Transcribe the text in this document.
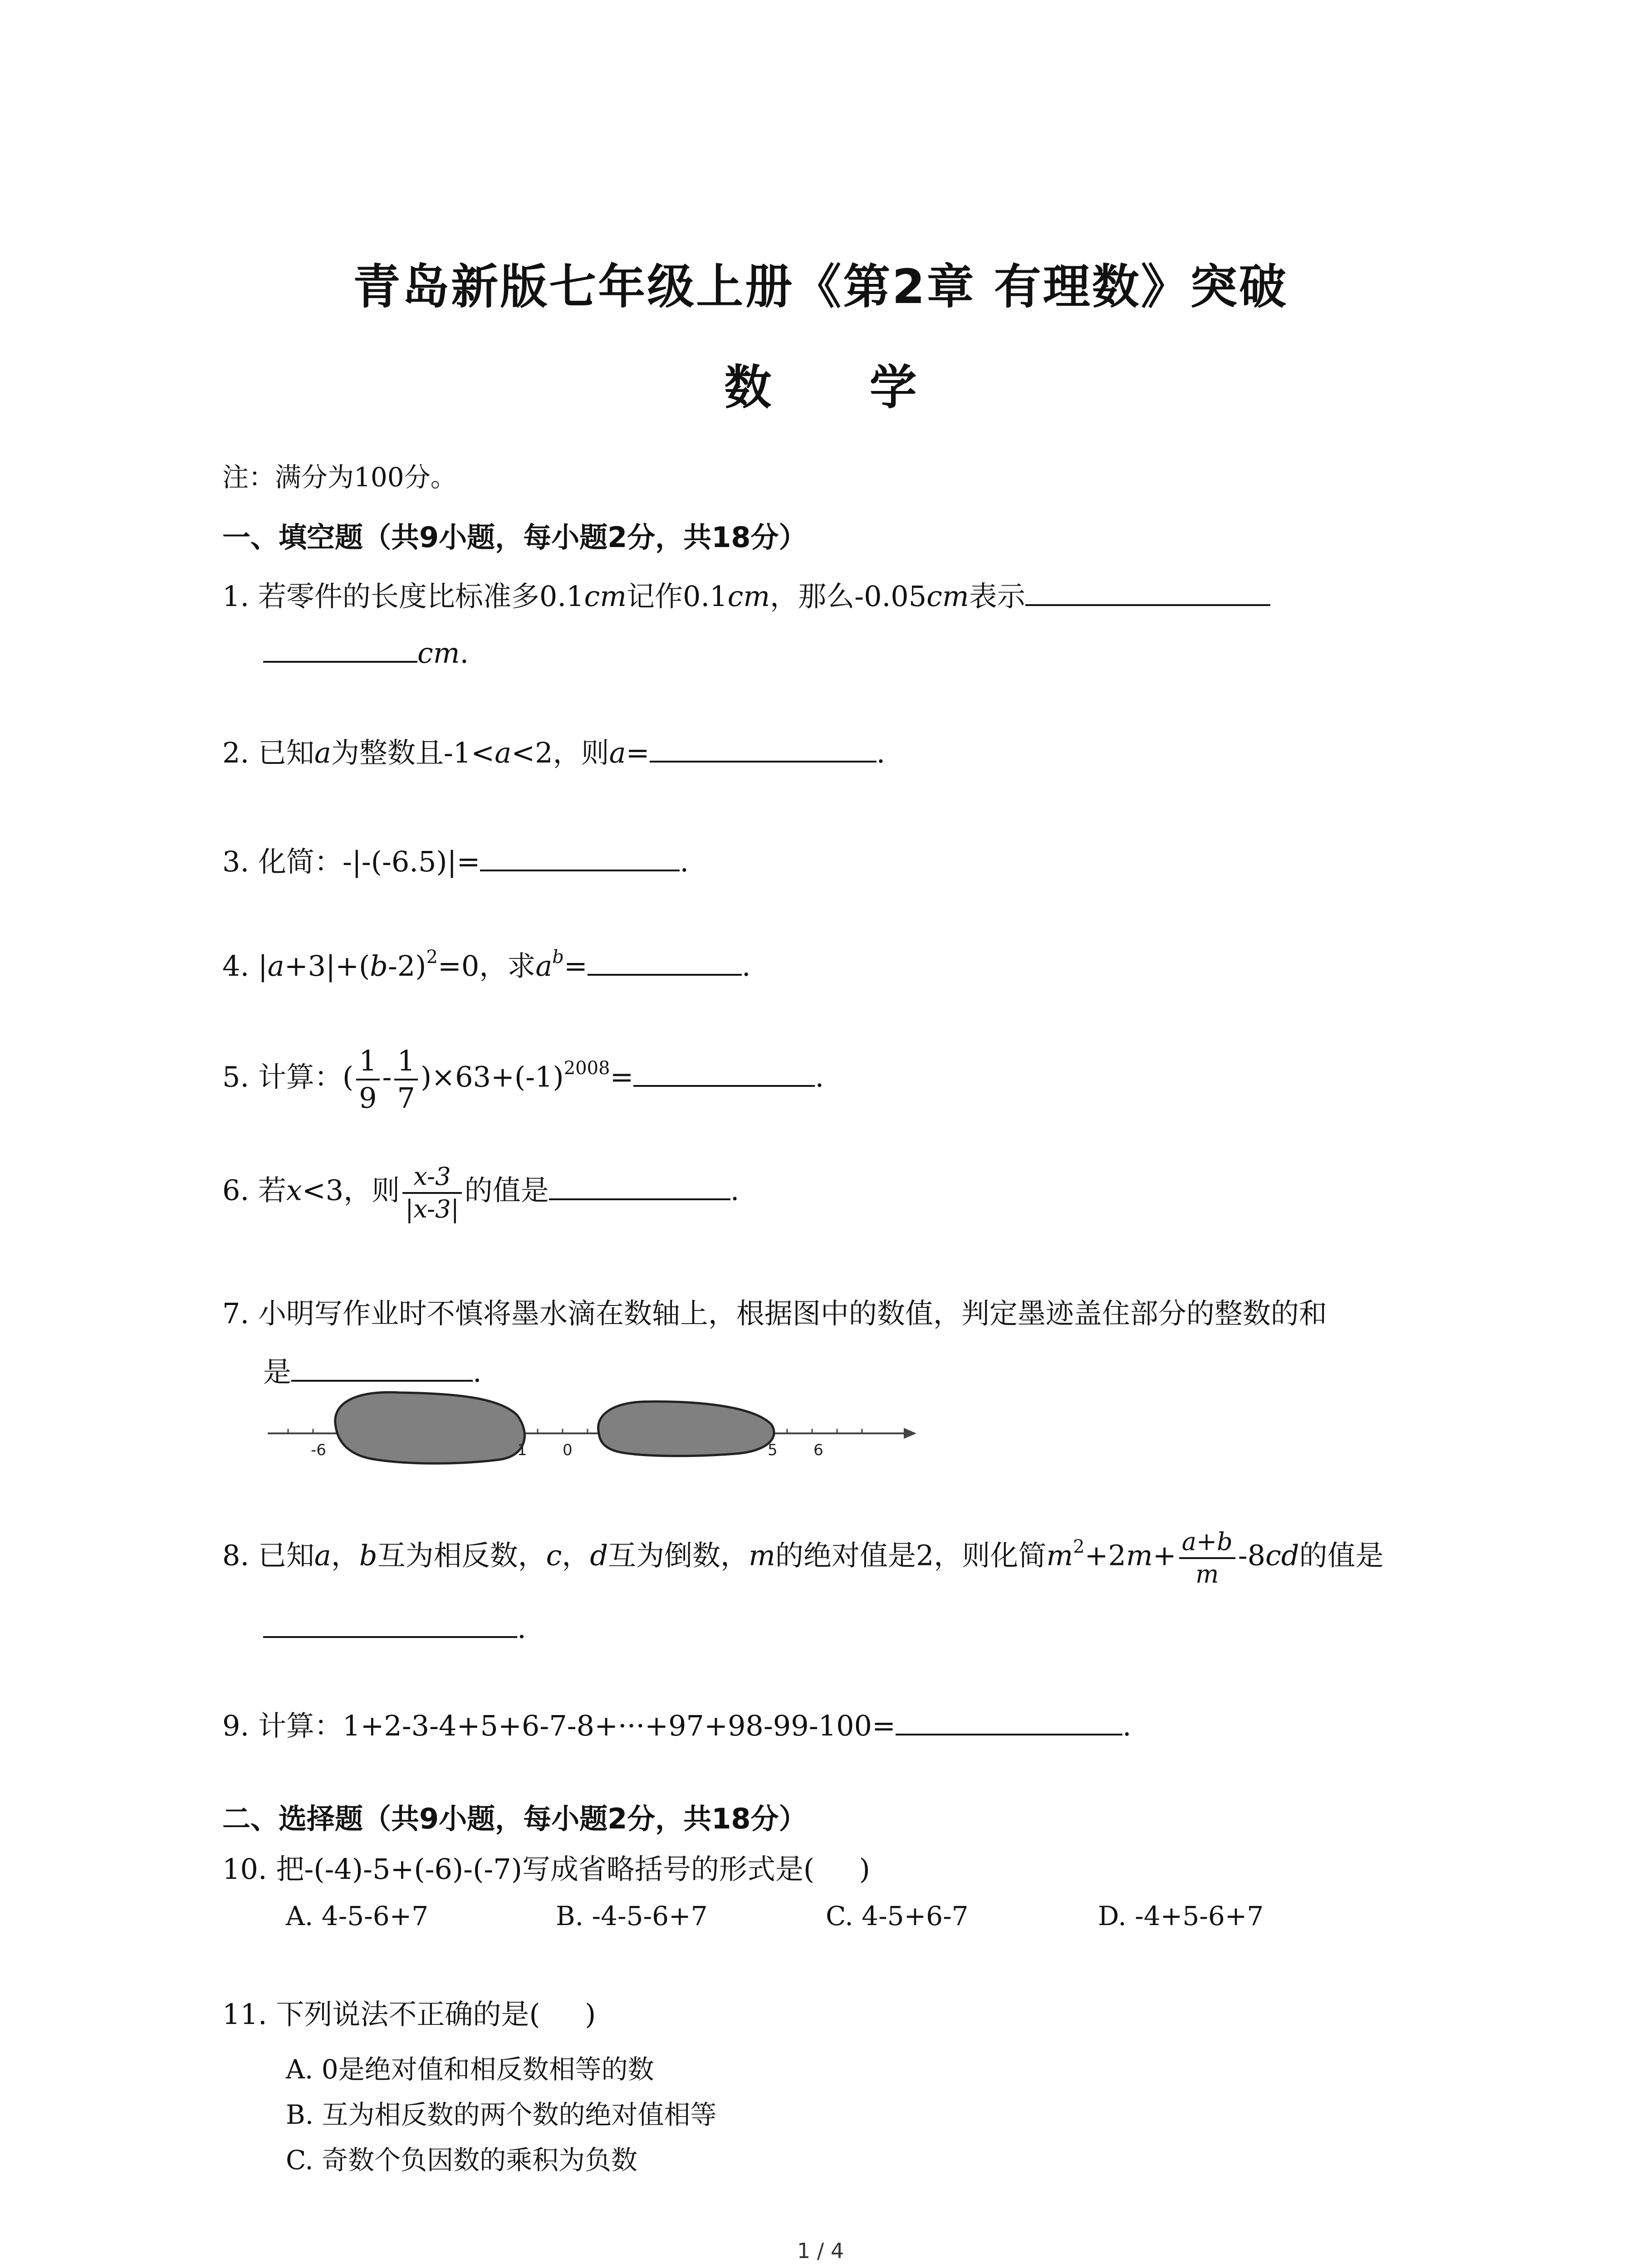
青岛新版七年级上册《第2章 有理数》突破
数 学
注：满分为100分。
一、填空题（共9小题，每小题2分，共18分）
1. 若零件的长度比标准多0.1cm记作0.1cm，那么-0.05cm表示
cm.
2. 已知a为整数且-1<a<2，则a=	.
3. 化简：-|-(-6.5)|=	.
4. $|a+3|+(b-2)^2=0$，求$a^b=$	.
5. 计算：( $\frac{1}{9} - \frac{1}{7} )\times 63+(-1)^{2008}=$	.
6. 若x<3，则 $\frac{x-3}{|x-3|}$ 的值是	.
7. 小明写作业时不慎将墨水滴在数轴上，根据图中的数值，判定墨迹盖住部分的整数的和
是	.
-6	1 0	5 6
8. 已知a，b互为相反数，c，d互为倒数，m的绝对值是2，则化简$m^2+2m+ \frac{a+b}{m} -8cd$的值是
.
9. 计算：1+2-3-4+5+6-7-8+···+97+98-99-100=	.
二、选择题（共9小题，每小题2分，共18分）
10. 把-(-4)-5+(-6)-(-7)写成省略括号的形式是( )
A. 4-5-6+7	B. -4-5-6+7	C. 4-5+6-7	D. -4+5-6+7
11. 下列说法不正确的是( )
A. 0是绝对值和相反数相等的数
B. 互为相反数的两个数的绝对值相等
C. 奇数个负因数的乘积为负数
1 / 4
